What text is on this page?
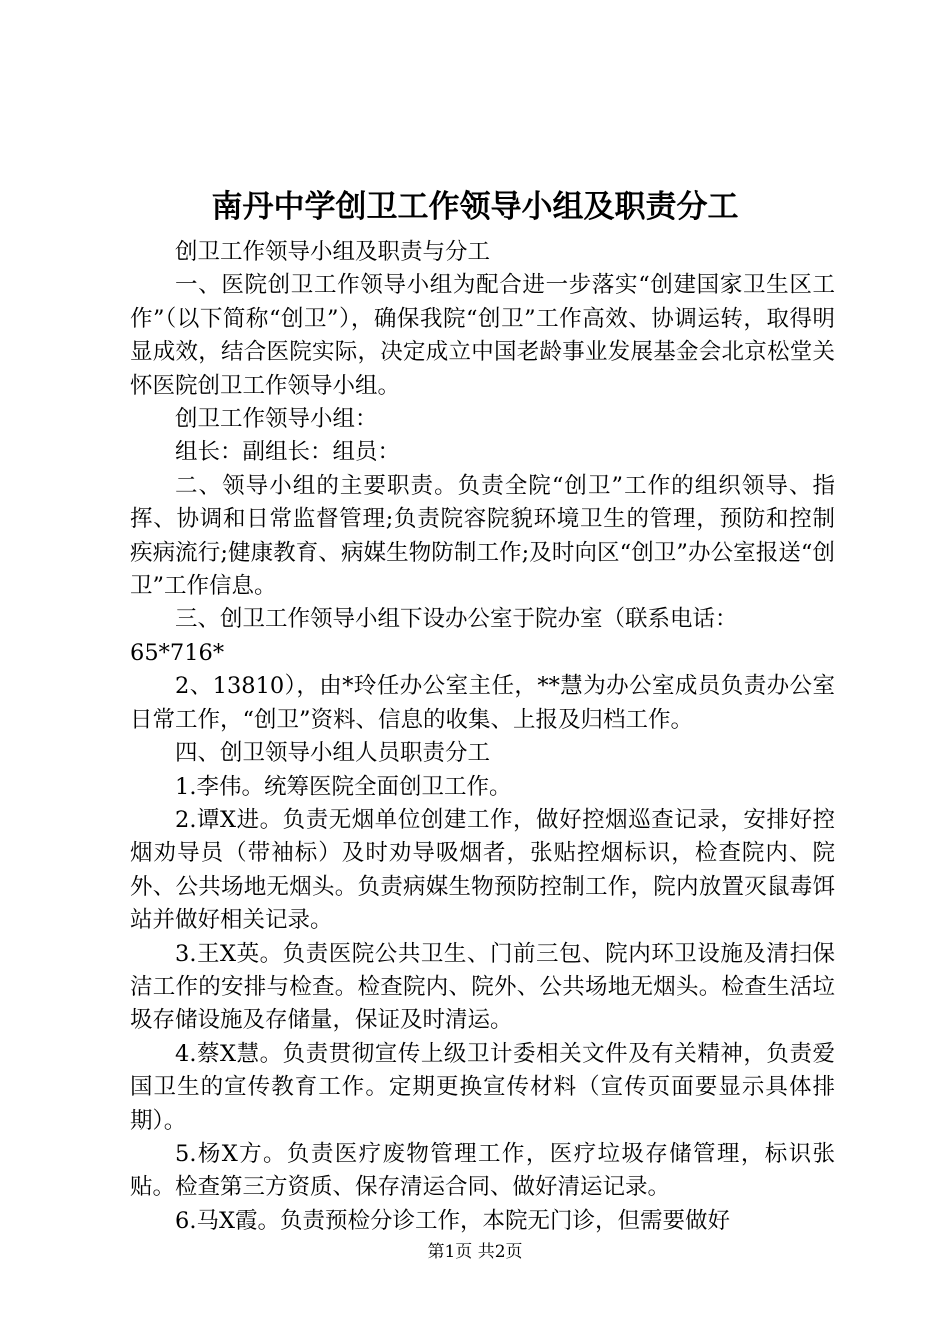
南丹中学创卫工作领导小组及职责分工

创卫工作领导小组及职责与分工

一、医院创卫工作领导小组为配合进一步落实“创建国家卫生区工作”（以下简称“创卫”），确保我院“创卫”工作高效、协调运转，取得明显成效，结合医院实际，决定成立中国老龄事业发展基金会北京松堂关怀医院创卫工作领导小组。

创卫工作领导小组：

组长：副组长：组员：

二、领导小组的主要职责。负责全院“创卫”工作的组织领导、指挥、协调和日常监督管理;负责院容院貌环境卫生的管理，预防和控制疾病流行;健康教育、病媒生物防制工作;及时向区“创卫”办公室报送“创卫”工作信息。

三、创卫工作领导小组下设办公室于院办室（联系电话：

65*716*

2、13810），由*玲任办公室主任，**慧为办公室成员负责办公室日常工作，“创卫”资料、信息的收集、上报及归档工作。

四、创卫领导小组人员职责分工

1.李伟。统筹医院全面创卫工作。

2.谭X进。负责无烟单位创建工作，做好控烟巡查记录，安排好控烟劝导员（带袖标）及时劝导吸烟者，张贴控烟标识，检查院内、院外、公共场地无烟头。负责病媒生物预防控制工作，院内放置灭鼠毒饵站并做好相关记录。

3.王X英。负责医院公共卫生、门前三包、院内环卫设施及清扫保洁工作的安排与检查。检查院内、院外、公共场地无烟头。检查生活垃圾存储设施及存储量，保证及时清运。

4.蔡X慧。负责贯彻宣传上级卫计委相关文件及有关精神，负责爱国卫生的宣传教育工作。定期更换宣传材料（宣传页面要显示具体排期）。

5.杨X方。负责医疗废物管理工作，医疗垃圾存储管理，标识张贴。检查第三方资质、保存清运合同、做好清运记录。

6.马X霞。负责预检分诊工作，本院无门诊，但需要做好

第1页 共2页
